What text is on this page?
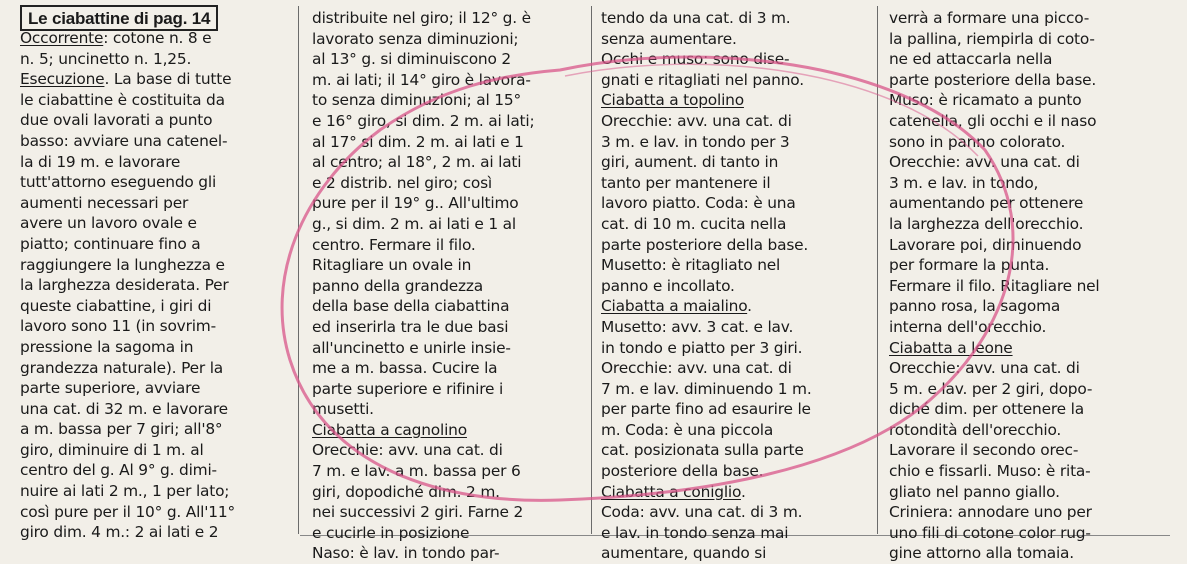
Le ciabattine di pag. 14
Occorrente: cotone n. 8 e
n. 5; uncinetto n. 1,25.
Esecuzione. La base di tutte
le ciabattine è costituita da
due ovali lavorati a punto
basso: avviare una catenel-
la di 19 m. e lavorare
tutt'attorno eseguendo gli
aumenti necessari per
avere un lavoro ovale e
piatto; continuare fino a
raggiungere la lunghezza e
la larghezza desiderata. Per
queste ciabattine, i giri di
lavoro sono 11 (in sovrim-
pressione la sagoma in
grandezza naturale). Per la
parte superiore, avviare
una cat. di 32 m. e lavorare
a m. bassa per 7 giri; all'8°
giro, diminuire di 1 m. al
centro del g. Al 9° g. dimi-
nuire ai lati 2 m., 1 per lato;
così pure per il 10° g. All'11°
giro dim. 4 m.: 2 ai lati e 2
distribuite nel giro; il 12° g. è
lavorato senza diminuzioni;
al 13° g. si diminuiscono 2
m. ai lati; il 14° giro è lavora-
to senza diminuzioni; al 15°
e 16° giro, si dim. 2 m. ai lati;
al 17° si dim. 2 m. ai lati e 1
al centro; al 18°, 2 m. ai lati
e 2 distrib. nel giro; così
pure per il 19° g.. All'ultimo
g., si dim. 2 m. ai lati e 1 al
centro. Fermare il filo.
Ritagliare un ovale in
panno della grandezza
della base della ciabattina
ed inserirla tra le due basi
all'uncinetto e unirle insie-
me a m. bassa. Cucire la
parte superiore e rifinire i
musetti.
Ciabatta a cagnolino
Orecchie: avv. una cat. di
7 m. e lav. a m. bassa per 6
giri, dopodiché dim. 2 m.
nei successivi 2 giri. Farne 2
e cucirle in posizione
Naso: è lav. in tondo par-
tendo da una cat. di 3 m.
senza aumentare.
Occhi e muso: sono dise-
gnati e ritagliati nel panno.
Ciabatta a topolino
Orecchie: avv. una cat. di
3 m. e lav. in tondo per 3
giri, aument. di tanto in
tanto per mantenere il
lavoro piatto. Coda: è una
cat. di 10 m. cucita nella
parte posteriore della base.
Musetto: è ritagliato nel
panno e incollato.
Ciabatta a maialino.
Musetto: avv. 3 cat. e lav.
in tondo e piatto per 3 giri.
Orecchie: avv. una cat. di
7 m. e lav. diminuendo 1 m.
per parte fino ad esaurire le
m. Coda: è una piccola
cat. posizionata sulla parte
posteriore della base.
Ciabatta a coniglio.
Coda: avv. una cat. di 3 m.
e lav. in tondo senza mai
aumentare, quando si
verrà a formare una picco-
la pallina, riempirla di coto-
ne ed attaccarla nella
parte posteriore della base.
Muso: è ricamato a punto
catenella, gli occhi e il naso
sono in panno colorato.
Orecchie: avv. una cat. di
3 m. e lav. in tondo,
aumentando per ottenere
la larghezza dell'orecchio.
Lavorare poi, diminuendo
per formare la punta.
Fermare il filo. Ritagliare nel
panno rosa, la sagoma
interna dell'orecchio.
Ciabatta a leone
Orecchie: avv. una cat. di
5 m. e lav. per 2 giri, dopo-
diché dim. per ottenere la
rotondità dell'orecchio.
Lavorare il secondo orec-
chio e fissarli. Muso: è rita-
gliato nel panno giallo.
Criniera: annodare uno per
uno fili di cotone color rug-
gine attorno alla tomaia.
